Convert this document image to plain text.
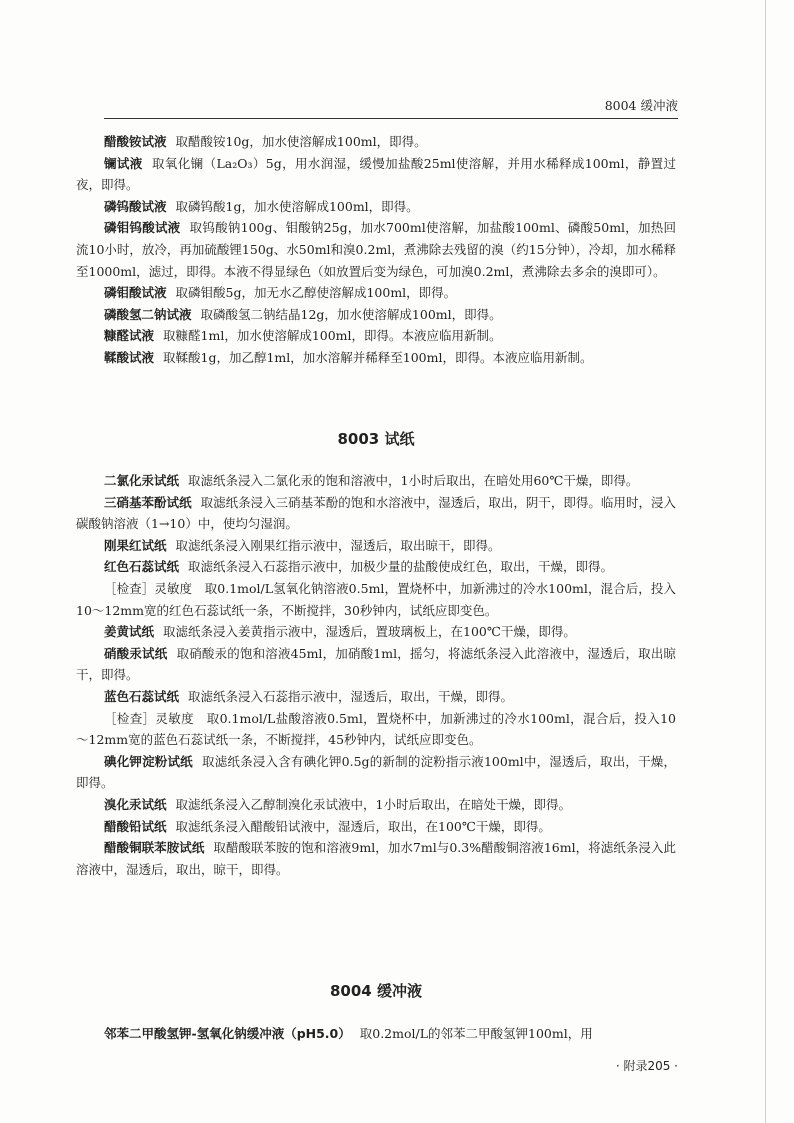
8004 缓冲液

醋酸铵试液 取醋酸铵10g，加水使溶解成100ml，即得。

镧试液 取氧化镧（La₂O₃）5g，用水润湿，缓慢加盐酸25ml使溶解，并用水稀释成100ml，静置过夜，即得。

磷钨酸试液 取磷钨酸1g，加水使溶解成100ml，即得。

磷钼钨酸试液 取钨酸钠100g、钼酸钠25g，加水700ml使溶解，加盐酸100ml、磷酸50ml，加热回流10小时，放冷，再加硫酸锂150g、水50ml和溴0.2ml，煮沸除去残留的溴（约15分钟），冷却，加水稀释至1000ml，滤过，即得。本液不得显绿色（如放置后变为绿色，可加溴0.2ml，煮沸除去多余的溴即可）。

磷钼酸试液 取磷钼酸5g，加无水乙醇使溶解成100ml，即得。

磷酸氢二钠试液 取磷酸氢二钠结晶12g，加水使溶解成100ml，即得。

糠醛试液 取糠醛1ml，加水使溶解成100ml，即得。本液应临用新制。

鞣酸试液 取鞣酸1g，加乙醇1ml，加水溶解并稀释至100ml，即得。本液应临用新制。

8003 试纸

二氯化汞试纸 取滤纸条浸入二氯化汞的饱和溶液中，1小时后取出，在暗处用60℃干燥，即得。

三硝基苯酚试纸 取滤纸条浸入三硝基苯酚的饱和水溶液中，湿透后，取出，阴干，即得。临用时，浸入碳酸钠溶液（1→10）中，使均匀湿润。

刚果红试纸 取滤纸条浸入刚果红指示液中，湿透后，取出晾干，即得。

红色石蕊试纸 取滤纸条浸入石蕊指示液中，加极少量的盐酸使成红色，取出，干燥，即得。

［检查］灵敏度　取0.1mol/L氢氧化钠溶液0.5ml，置烧杯中，加新沸过的冷水100ml，混合后，投入10～12mm宽的红色石蕊试纸一条，不断搅拌，30秒钟内，试纸应即变色。

姜黄试纸 取滤纸条浸入姜黄指示液中，湿透后，置玻璃板上，在100℃干燥，即得。

硝酸汞试纸 取硝酸汞的饱和溶液45ml，加硝酸1ml，摇匀，将滤纸条浸入此溶液中，湿透后，取出晾干，即得。

蓝色石蕊试纸 取滤纸条浸入石蕊指示液中，湿透后，取出，干燥，即得。

［检查］灵敏度　取0.1mol/L盐酸溶液0.5ml，置烧杯中，加新沸过的冷水100ml，混合后，投入10～12mm宽的蓝色石蕊试纸一条，不断搅拌，45秒钟内，试纸应即变色。

碘化钾淀粉试纸 取滤纸条浸入含有碘化钾0.5g的新制的淀粉指示液100ml中，湿透后，取出，干燥，即得。

溴化汞试纸 取滤纸条浸入乙醇制溴化汞试液中，1小时后取出，在暗处干燥，即得。

醋酸铅试纸 取滤纸条浸入醋酸铅试液中，湿透后，取出，在100℃干燥，即得。

醋酸铜联苯胺试纸 取醋酸联苯胺的饱和溶液9ml，加水7ml与0.3%醋酸铜溶液16ml，将滤纸条浸入此溶液中，湿透后，取出，晾干，即得。

8004 缓冲液

邻苯二甲酸氢钾-氢氧化钠缓冲液（pH5.0） 取0.2mol/L的邻苯二甲酸氢钾100ml，用

· 附录205 ·
